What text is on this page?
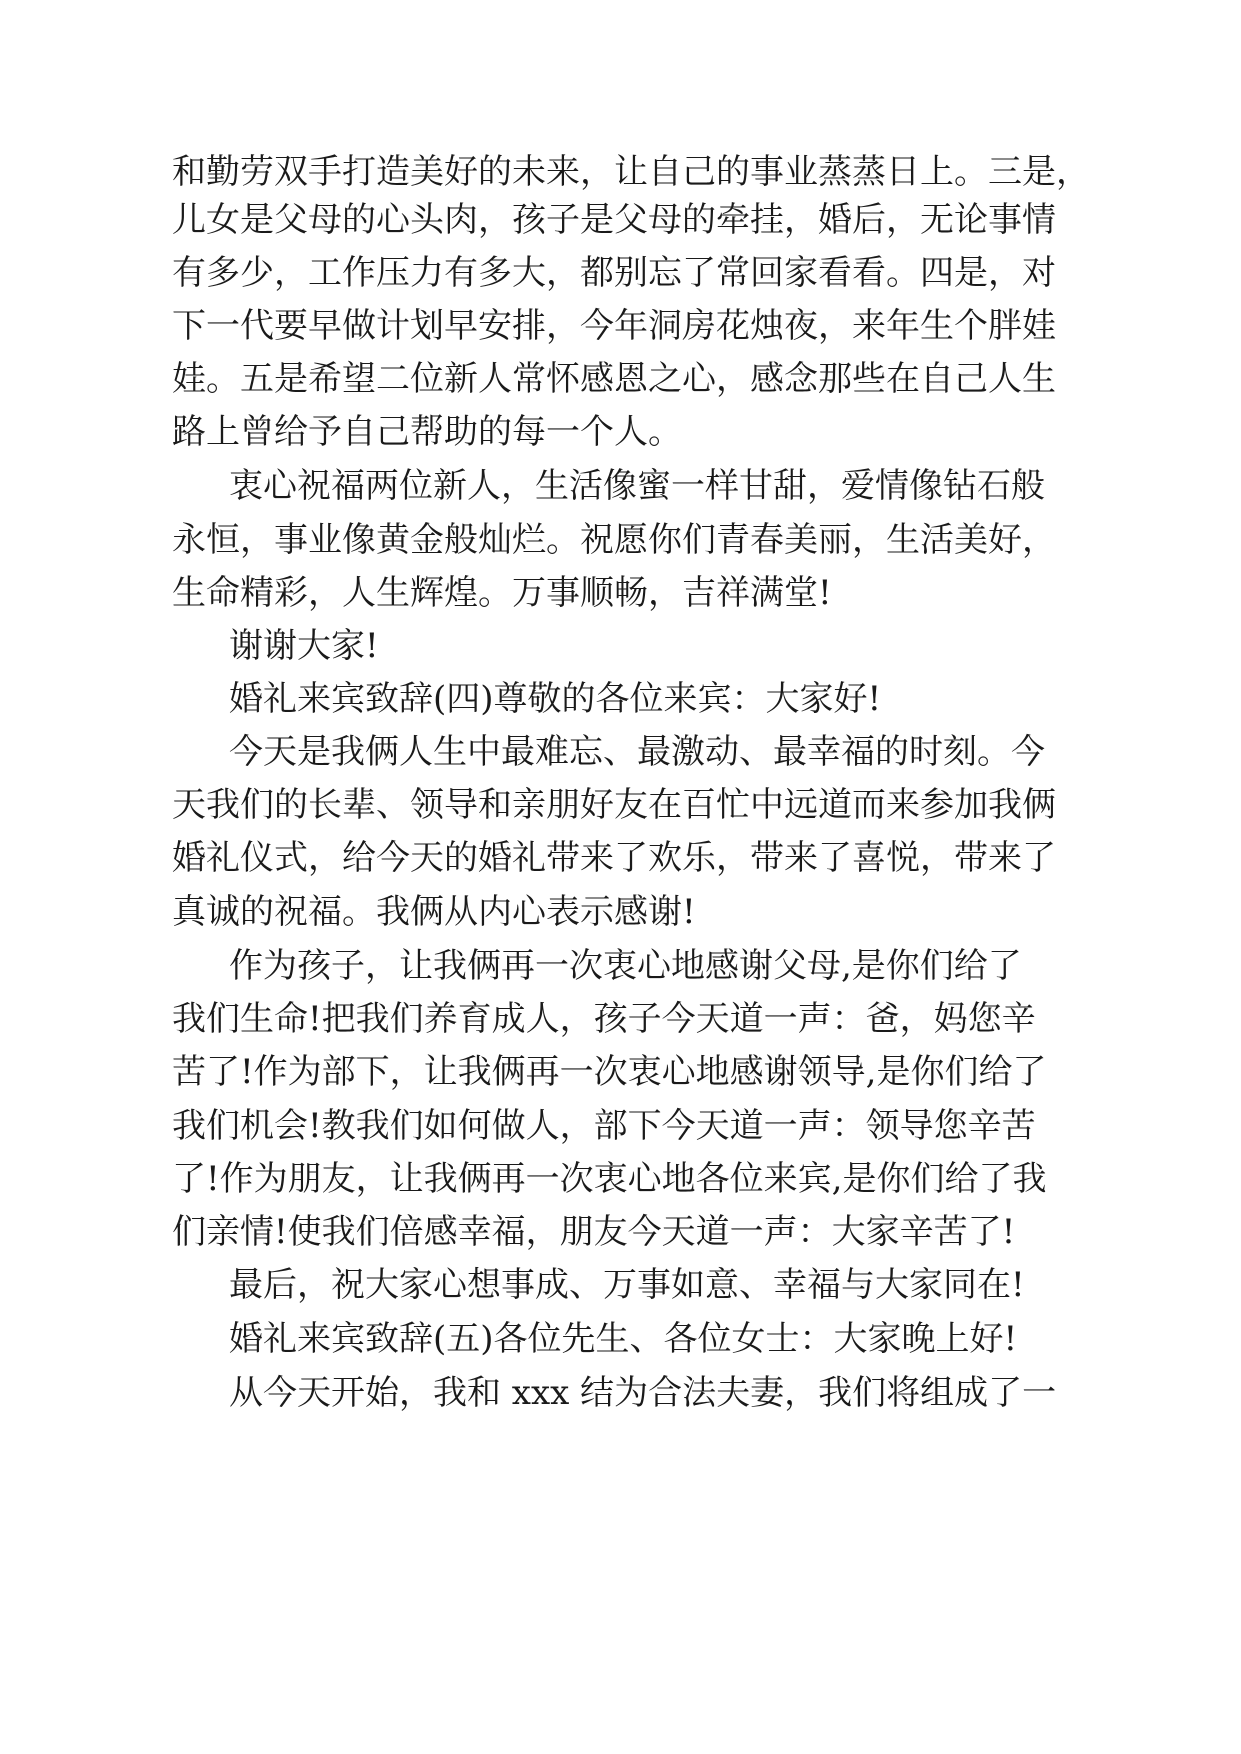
和勤劳双手打造美好的未来，让自己的事业蒸蒸日上。三是，
儿女是父母的心头肉，孩子是父母的牵挂，婚后，无论事情
有多少，工作压力有多大，都别忘了常回家看看。四是，对
下一代要早做计划早安排，今年洞房花烛夜，来年生个胖娃
娃。五是希望二位新人常怀感恩之心，感念那些在自己人生
路上曾给予自己帮助的每一个人。
衷心祝福两位新人，生活像蜜一样甘甜，爱情像钻石般
永恒，事业像黄金般灿烂。祝愿你们青春美丽，生活美好，
生命精彩，人生辉煌。万事顺畅，吉祥满堂!
谢谢大家!
婚礼来宾致辞(四)尊敬的各位来宾：大家好!
今天是我俩人生中最难忘、最激动、最幸福的时刻。今
天我们的长辈、领导和亲朋好友在百忙中远道而来参加我俩
婚礼仪式，给今天的婚礼带来了欢乐，带来了喜悦，带来了
真诚的祝福。我俩从内心表示感谢!
作为孩子，让我俩再一次衷心地感谢父母,是你们给了
我们生命!把我们养育成人，孩子今天道一声：爸，妈您辛
苦了!作为部下，让我俩再一次衷心地感谢领导,是你们给了
我们机会!教我们如何做人，部下今天道一声：领导您辛苦
了!作为朋友，让我俩再一次衷心地各位来宾,是你们给了我
们亲情!使我们倍感幸福，朋友今天道一声：大家辛苦了!
最后，祝大家心想事成、万事如意、幸福与大家同在!
婚礼来宾致辞(五)各位先生、各位女士：大家晚上好!
从今天开始，我和 xxx 结为合法夫妻，我们将组成了一
